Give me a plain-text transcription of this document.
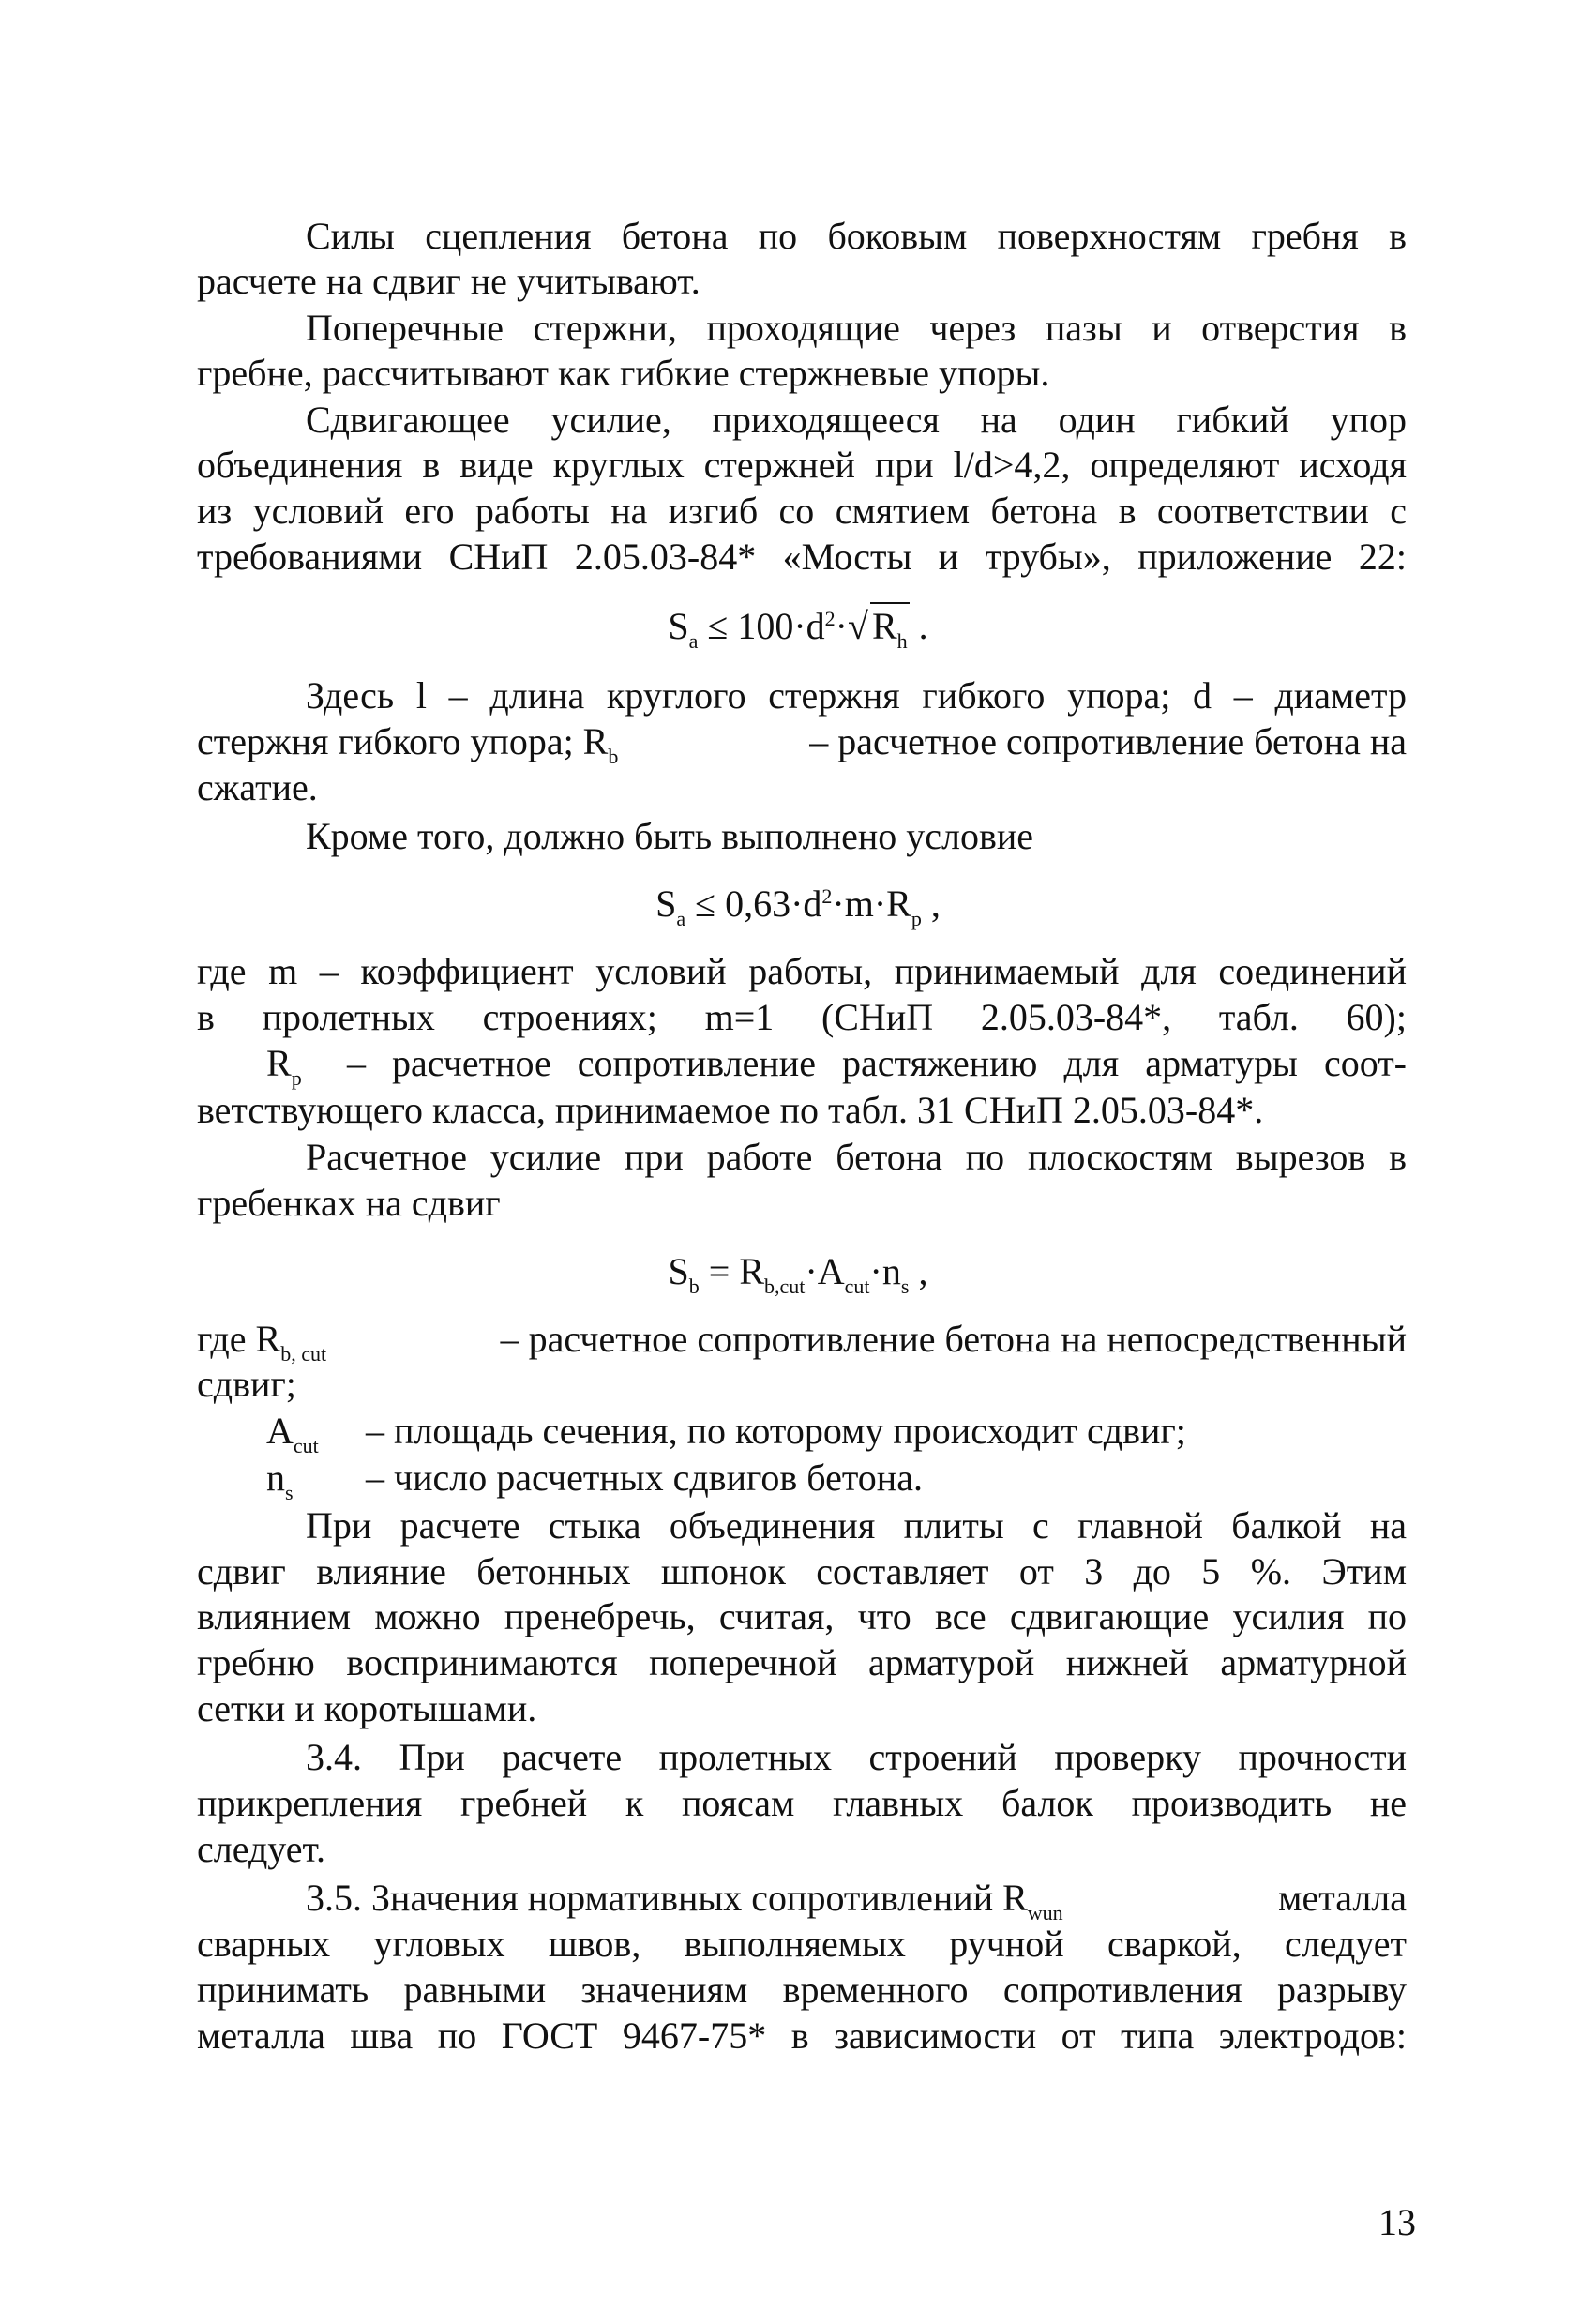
Силы сцепления бетона по боковым поверхностям гребня в
расчете на сдвиг не учитывают.
Поперечные стержни, проходящие через пазы и отверстия в
гребне, рассчитывают как гибкие стержневые упоры.
Сдвигающее усилие, приходящееся на один гибкий упор
объединения в виде круглых стержней при l/d>4,2, определяют исходя
из условий его работы на изгиб со смятием бетона в соответствии с
требованиями СНиП 2.05.03-84* «Мосты и трубы», приложение 22:
$S_a \le 100\cdot d^2\cdot√$ $R_h$ .
Здесь l – длина круглого стержня гибкого упора; d – диаметр
стержня гибкого упора; $R_b$	– расчетное сопротивление бетона на
сжатие.
Кроме того, должно быть выполнено условие
$S_a \le 0,63\cdot d^2\cdot m\cdot R_p$ ,
где m – коэффициент условий работы, принимаемый для соединений
в пролетных строениях; m=1 (СНиП 2.05.03-84*, табл. 60);
$R_p$ – расчетное сопротивление растяжению для арматуры соот-
ветствующего класса, принимаемое по табл. 31 СНиП 2.05.03-84*.
Расчетное усилие при работе бетона по плоскостям вырезов в
гребенках на сдвиг
$S_b = R_{b,cut}\cdot A_{cut}\cdot n_s$ ,
где $R_{b, cut}$	– расчетное сопротивление бетона на непосредственный
сдвиг;
$A_{cut}$ – площадь сечения, по которому происходит сдвиг;
$n_s$ – число расчетных сдвигов бетона.
При расчете стыка объединения плиты с главной балкой на
сдвиг влияние бетонных шпонок составляет от 3 до 5 %. Этим
влиянием можно пренебречь, считая, что все сдвигающие усилия по
гребню воспринимаются поперечной арматурой нижней арматурной
сетки и коротышами.
3.4. При расчете пролетных строений проверку прочности
прикрепления гребней к поясам главных балок производить не
следует.
3.5. Значения нормативных сопротивлений $R_{wun}$	металла
сварных угловых швов, выполняемых ручной сваркой, следует
принимать равными значениям временного сопротивления разрыву
металла шва по ГОСТ 9467-75* в зависимости от типа электродов:
13
